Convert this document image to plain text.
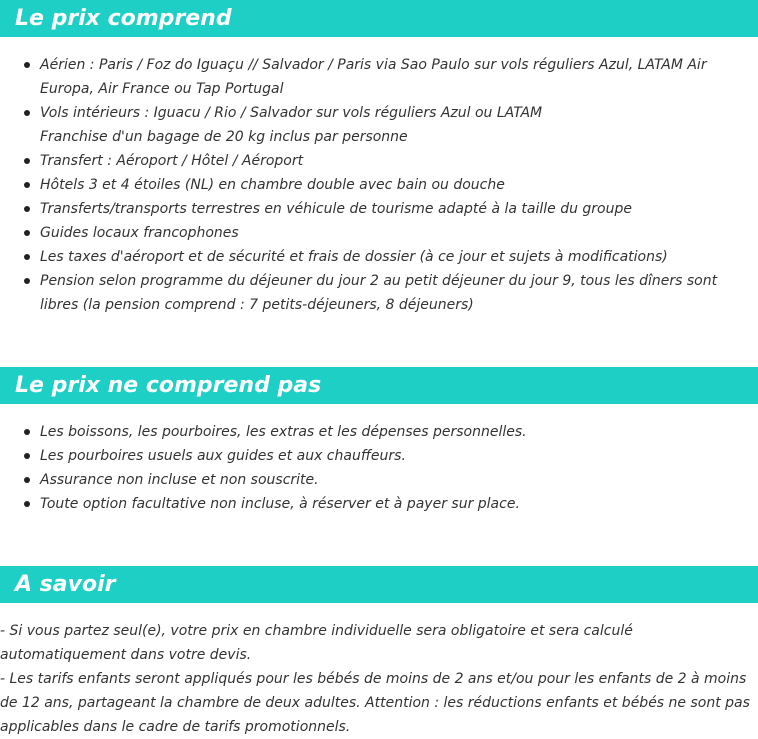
Le prix comprend
Aérien : Paris / Foz do Iguaçu // Salvador / Paris via Sao Paulo sur vols réguliers Azul, LATAM Air Europa, Air France ou Tap Portugal
Vols intérieurs : Iguacu / Rio / Salvador sur vols réguliers Azul ou LATAM
Franchise d'un bagage de 20 kg inclus par personne
Transfert : Aéroport / Hôtel / Aéroport
Hôtels 3 et 4 étoiles (NL) en chambre double avec bain ou douche
Transferts/transports terrestres en véhicule de tourisme adapté à la taille du groupe
Guides locaux francophones
Les taxes d'aéroport et de sécurité et frais de dossier (à ce jour et sujets à modifications)
Pension selon programme du déjeuner du jour 2 au petit déjeuner du jour 9, tous les dîners sont libres (la pension comprend : 7 petits-déjeuners, 8 déjeuners)
Le prix ne comprend pas
Les boissons, les pourboires, les extras et les dépenses personnelles.
Les pourboires usuels aux guides et aux chauffeurs.
Assurance non incluse et non souscrite.
Toute option facultative non incluse, à réserver et à payer sur place.
A savoir

- Si vous partez seul(e), votre prix en chambre individuelle sera obligatoire et sera calculé automatiquement dans votre devis.

- Les tarifs enfants seront appliqués pour les bébés de moins de 2 ans et/ou pour les enfants de 2 à moins de 12 ans, partageant la chambre de deux adultes. Attention : les réductions enfants et bébés ne sont pas applicables dans le cadre de tarifs promotionnels.
